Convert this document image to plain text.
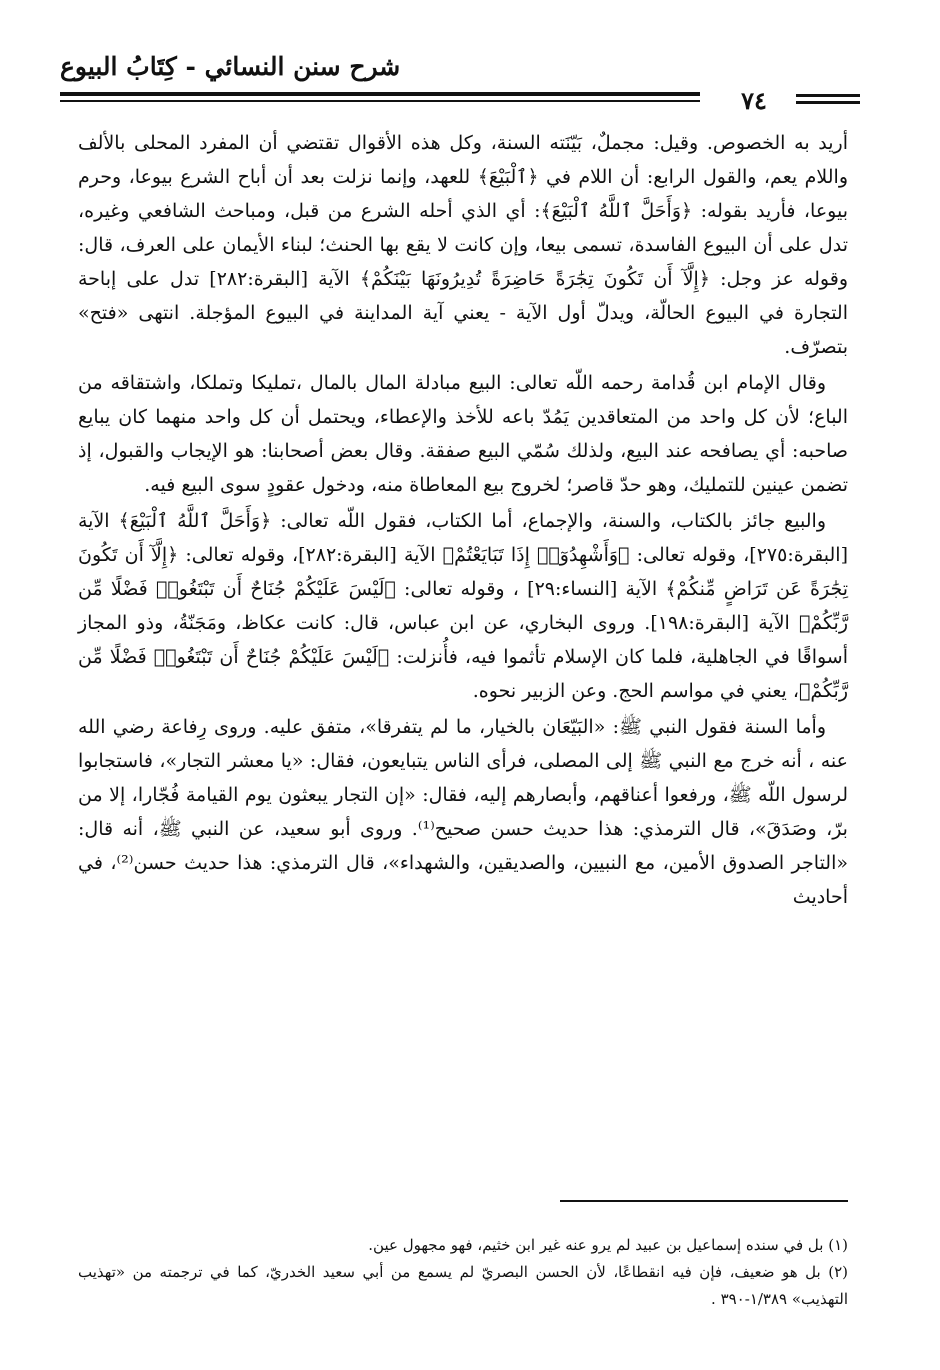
شرح سنن النسائي - كِتَابُ البيوع
٧٤

أريد به الخصوص. وقيل: مجملٌ، بَيّنَته السنة، وكل هذه الأقوال تقتضي أن المفرد المحلى بالألف واللام يعم، والقول الرابع: أن اللام في ﴿ٱلْبَيْعَ﴾ للعهد، وإنما نزلت بعد أن أباح الشرع بيوعا، وحرم بيوعا، فأريد بقوله: ﴿وَأَحَلَّ ٱللَّهُ ٱلْبَيْعَ﴾: أي الذي أحله الشرع من قبل، ومباحث الشافعي وغيره، تدل على أن البيوع الفاسدة، تسمى بيعا، وإن كانت لا يقع بها الحنث؛ لبناء الأيمان على العرف، قال: وقوله عز وجل: ﴿إِلَّآ أَن تَكُونَ تِجَٰرَةً حَاضِرَةً تُدِيرُونَهَا بَيْنَكُمْ﴾ الآية [البقرة:٢٨٢] تدل على إباحة التجارة في البيوع الحالّة، ويدلّ أول الآية - يعني آية المداينة في البيوع المؤجلة. انتهى «فتح» بتصرّف.

وقال الإمام ابن قُدامة رحمه اللّه تعالى: البيع مبادلة المال بالمال ،تمليكا وتملكا، واشتقاقه من الباع؛ لأن كل واحد من المتعاقدين يَمُدّ باعه للأخذ والإعطاء، ويحتمل أن كل واحد منهما كان يبايع صاحبه: أي يصافحه عند البيع، ولذلك سُمّي البيع صفقة. وقال بعض أصحابنا: هو الإيجاب والقبول، إذ تضمن عينين للتمليك، وهو حدّ قاصر؛ لخروج بيع المعاطاة منه، ودخول عقودٍ سوى البيع فيه.

والبيع جائز بالكتاب، والسنة، والإجماع، أما الكتاب، فقول اللّه تعالى: ﴿وَأَحَلَّ ٱللَّهُ ٱلْبَيْعَ﴾ الآية [البقرة:٢٧٥]، وقوله تعالى: ﴿وَأَشْهِدُوٓا۟ إِذَا تَبَايَعْتُمْ﴾ الآية [البقرة:٢٨٢]، وقوله تعالى: ﴿إِلَّآ أَن تَكُونَ تِجَٰرَةً عَن تَرَاضٍ مِّنكُمْ﴾ الآية [النساء:٢٩] ، وقوله تعالى: ﴿لَيْسَ عَلَيْكُمْ جُنَاحٌ أَن تَبْتَغُوا۟ فَضْلًا مِّن رَّبِّكُمْ﴾ الآية [البقرة:١٩٨]. وروى البخاري، عن ابن عباس، قال: كانت عكاظ، ومَجَنّةُ، وذو المجاز أسواقًا في الجاهلية، فلما كان الإسلام تأثموا فيه، فأُنزلت: ﴿لَيْسَ عَلَيْكُمْ جُنَاحٌ أَن تَبْتَغُوا۟ فَضْلًا مِّن رَّبِّكُمْ﴾، يعني في مواسم الحج. وعن الزبير نحوه.

وأما السنة فقول النبي ﷺ: «البَيّعَان بالخيار، ما لم يتفرقا»، متفق عليه. وروى رِفاعة رضي الله عنه ، أنه خرج مع النبي ﷺ إلى المصلى، فرأى الناس يتبايعون، فقال: «يا معشر التجار»، فاستجابوا لرسول اللّه ﷺ، ورفعوا أعناقهم، وأبصارهم إليه، فقال: «إن التجار يبعثون يوم القيامة فُجّارا، إلا من برّ، وصَدَقَ»، قال الترمذي: هذا حديث حسن صحيح⁽¹⁾. وروى أبو سعيد، عن النبي ﷺ، أنه قال: «التاجر الصدوق الأمين، مع النبيين، والصديقين، والشهداء»، قال الترمذي: هذا حديث حسن⁽²⁾، في أحاديث

(١) بل في سنده إسماعيل بن عبيد لم يرو عنه غير ابن خثيم، فهو مجهول عين.

(٢) بل هو ضعيف، فإن فيه انقطاعًا، لأن الحسن البصريّ لم يسمع من أبي سعيد الخدريّ، كما في ترجمته من «تهذيب التهذيب» ١/٣٨٩-٣٩٠ .
